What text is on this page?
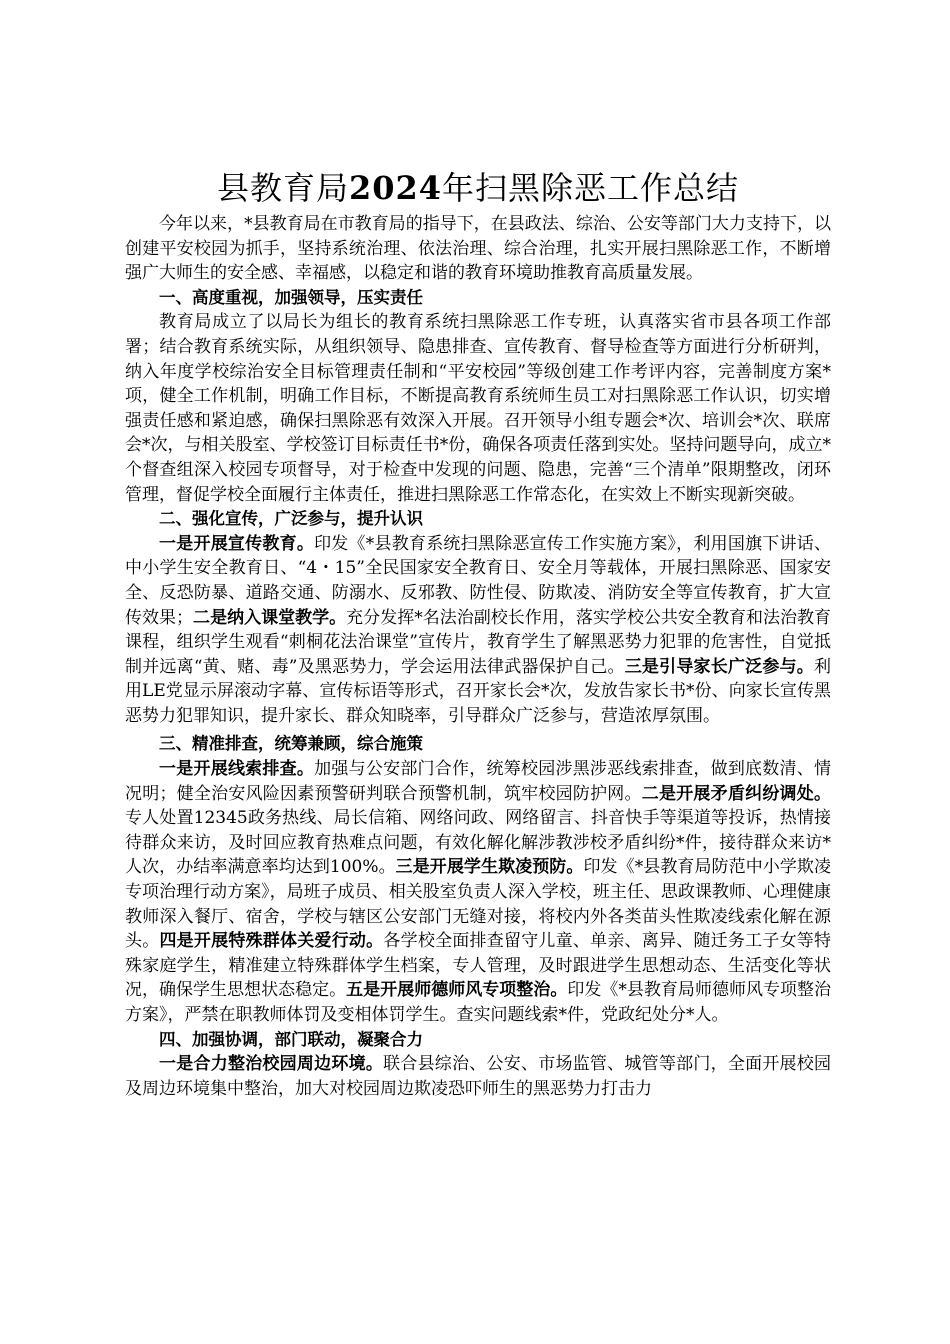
县教育局2024年扫黑除恶工作总结

今年以来，*县教育局在市教育局的指导下，在县政法、综治、公安等部门大力支持下，以创建平安校园为抓手，坚持系统治理、依法治理、综合治理，扎实开展扫黑除恶工作，不断增强广大师生的安全感、幸福感，以稳定和谐的教育环境助推教育高质量发展。

一、高度重视，加强领导，压实责任

教育局成立了以局长为组长的教育系统扫黑除恶工作专班，认真落实省市县各项工作部署；结合教育系统实际，从组织领导、隐患排查、宣传教育、督导检查等方面进行分析研判，纳入年度学校综治安全目标管理责任制和“平安校园”等级创建工作考评内容，完善制度方案*项，健全工作机制，明确工作目标，不断提高教育系统师生员工对扫黑除恶工作认识，切实增强责任感和紧迫感，确保扫黑除恶有效深入开展。召开领导小组专题会*次、培训会*次、联席会*次，与相关股室、学校签订目标责任书*份，确保各项责任落到实处。坚持问题导向，成立*个督查组深入校园专项督导，对于检查中发现的问题、隐患，完善“三个清单”限期整改，闭环管理，督促学校全面履行主体责任，推进扫黑除恶工作常态化，在实效上不断实现新突破。

二、强化宣传，广泛参与，提升认识

一是开展宣传教育。印发《*县教育系统扫黑除恶宣传工作实施方案》，利用国旗下讲话、中小学生安全教育日、“4・15”全民国家安全教育日、安全月等载体，开展扫黑除恶、国家安全、反恐防暴、道路交通、防溺水、反邪教、防性侵、防欺凌、消防安全等宣传教育，扩大宣传效果；二是纳入课堂教学。充分发挥*名法治副校长作用，落实学校公共安全教育和法治教育课程，组织学生观看“刺桐花法治课堂”宣传片，教育学生了解黑恶势力犯罪的危害性，自觉抵制并远离“黄、赌、毒”及黑恶势力，学会运用法律武器保护自己。三是引导家长广泛参与。利用LE党显示屏滚动字幕、宣传标语等形式，召开家长会*次，发放告家长书*份、向家长宣传黑恶势力犯罪知识，提升家长、群众知晓率，引导群众广泛参与，营造浓厚氛围。

三、精准排查，统筹兼顾，综合施策

一是开展线索排查。加强与公安部门合作，统筹校园涉黑涉恶线索排查，做到底数清、情况明；健全治安风险因素预警研判联合预警机制，筑牢校园防护网。二是开展矛盾纠纷调处。专人处置12345政务热线、局长信箱、网络问政、网络留言、抖音快手等渠道等投诉，热情接待群众来访，及时回应教育热难点问题，有效化解化解涉教涉校矛盾纠纷*件，接待群众来访*人次，办结率满意率均达到100%。三是开展学生欺凌预防。印发《*县教育局防范中小学欺凌专项治理行动方案》，局班子成员、相关股室负责人深入学校，班主任、思政课教师、心理健康教师深入餐厅、宿舍，学校与辖区公安部门无缝对接，将校内外各类苗头性欺凌线索化解在源头。四是开展特殊群体关爱行动。各学校全面排查留守儿童、单亲、离异、随迁务工子女等特殊家庭学生，精准建立特殊群体学生档案，专人管理，及时跟进学生思想动态、生活变化等状况，确保学生思想状态稳定。五是开展师德师风专项整治。印发《*县教育局师德师风专项整治方案》，严禁在职教师体罚及变相体罚学生。查实问题线索*件，党政纪处分*人。

四、加强协调，部门联动，凝聚合力

一是合力整治校园周边环境。联合县综治、公安、市场监管、城管等部门，全面开展校园及周边环境集中整治，加大对校园周边欺凌恐吓师生的黑恶势力打击力
